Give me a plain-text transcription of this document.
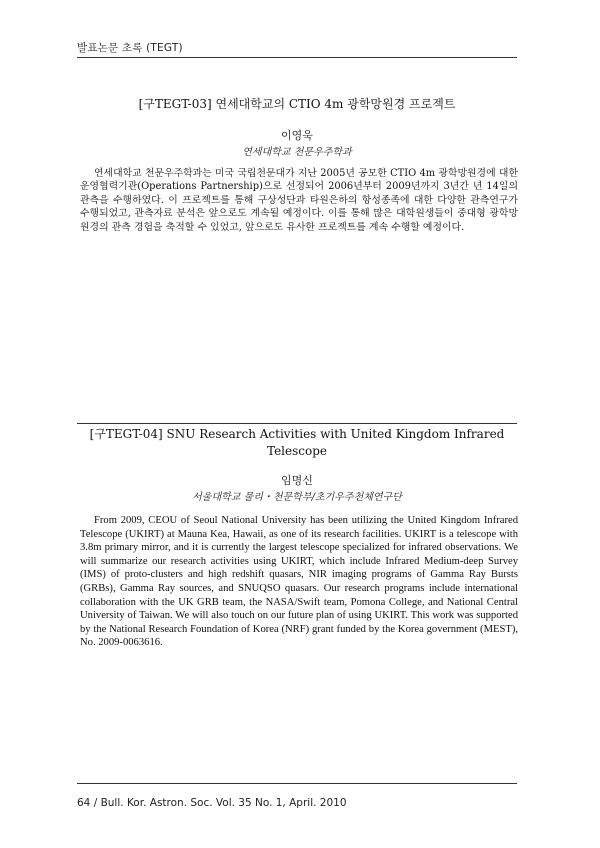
발표논문 초록 (TEGT)
[구TEGT-03] 연세대학교의 CTIO 4m 광학망원경 프로젝트
이영욱
연세대학교 천문우주학과

연세대학교 천문우주학과는 미국 국립천문대가 지난 2005년 공모한 CTIO 4m 광학망원경에 대한 운영협력기관(Operations Partnership)으로 선정되어 2006년부터 2009년까지 3년간 년 14일의 관측을 수행하였다. 이 프로젝트를 통해 구상성단과 타원은하의 항성종족에 대한 다양한 관측연구가 수행되었고, 관측자료 분석은 앞으로도 계속될 예정이다. 이를 통해 많은 대학원생들이 중대형 광학망원경의 관측 경험을 축적할 수 있었고, 앞으로도 유사한 프로젝트를 계속 수행할 예정이다.

[구TEGT-04] SNU Research Activities with United Kingdom Infrared Telescope
임명신
서울대학교 물리・천문학부/초기우주천체연구단

From 2009, CEOU of Seoul National University has been utilizing the United Kingdom Infrared Telescope (UKIRT) at Mauna Kea, Hawaii, as one of its research facilities. UKIRT is a telescope with 3.8m primary mirror, and it is currently the largest telescope specialized for infrared observations. We will summarize our research activities using UKIRT, which include Infrared Medium-deep Survey (IMS) of proto-clusters and high redshift quasars, NIR imaging programs of Gamma Ray Bursts (GRBs), Gamma Ray sources, and SNUQSO quasars. Our research programs include international collaboration with the UK GRB team, the NASA/Swift team, Pomona College, and National Central University of Taiwan. We will also touch on our future plan of using UKIRT. This work was supported by the National Research Foundation of Korea (NRF) grant funded by the Korea government (MEST), No. 2009-0063616.

64 / Bull. Kor. Astron. Soc. Vol. 35 No. 1, April. 2010
